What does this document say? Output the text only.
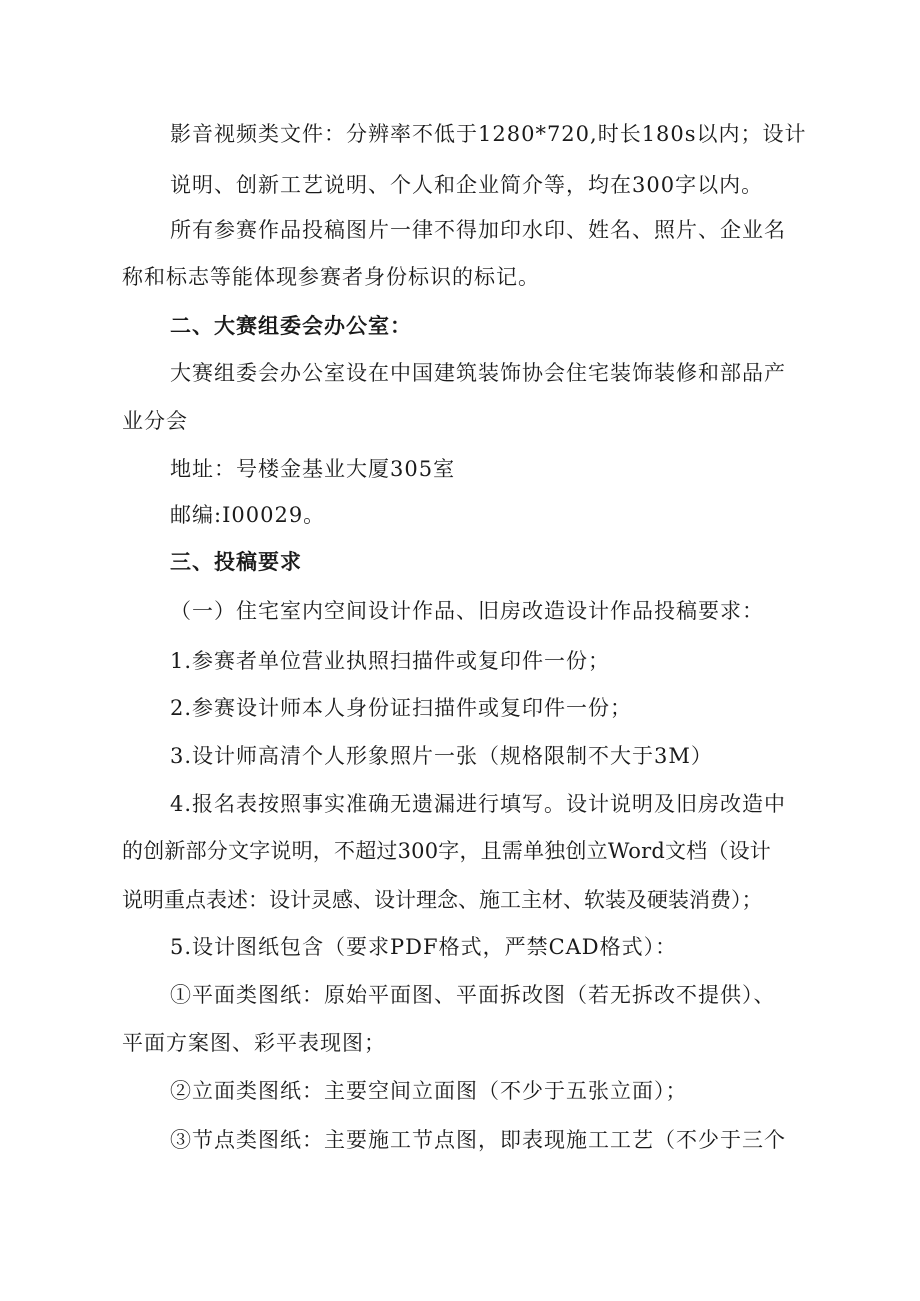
影音视频类文件：分辨率不低于1280*720,时长180s以内；设计
说明、创新工艺说明、个人和企业简介等，均在300字以内。
所有参赛作品投稿图片一律不得加印水印、姓名、照片、企业名
称和标志等能体现参赛者身份标识的标记。
二、大赛组委会办公室：
大赛组委会办公室设在中国建筑装饰协会住宅装饰装修和部品产
业分会
地址：号楼金基业大厦305室
邮编:I00029。
三、投稿要求
（一）住宅室内空间设计作品、旧房改造设计作品投稿要求：
1.参赛者单位营业执照扫描件或复印件一份；
2.参赛设计师本人身份证扫描件或复印件一份；
3.设计师高清个人形象照片一张（规格限制不大于3M）
4.报名表按照事实准确无遗漏进行填写。设计说明及旧房改造中
的创新部分文字说明，不超过300字，且需单独创立Word文档（设计
说明重点表述：设计灵感、设计理念、施工主材、软装及硬装消费）；
5.设计图纸包含（要求PDF格式，严禁CAD格式）：
①平面类图纸：原始平面图、平面拆改图（若无拆改不提供）、
平面方案图、彩平表现图；
②立面类图纸：主要空间立面图（不少于五张立面）；
③节点类图纸：主要施工节点图，即表现施工工艺（不少于三个
